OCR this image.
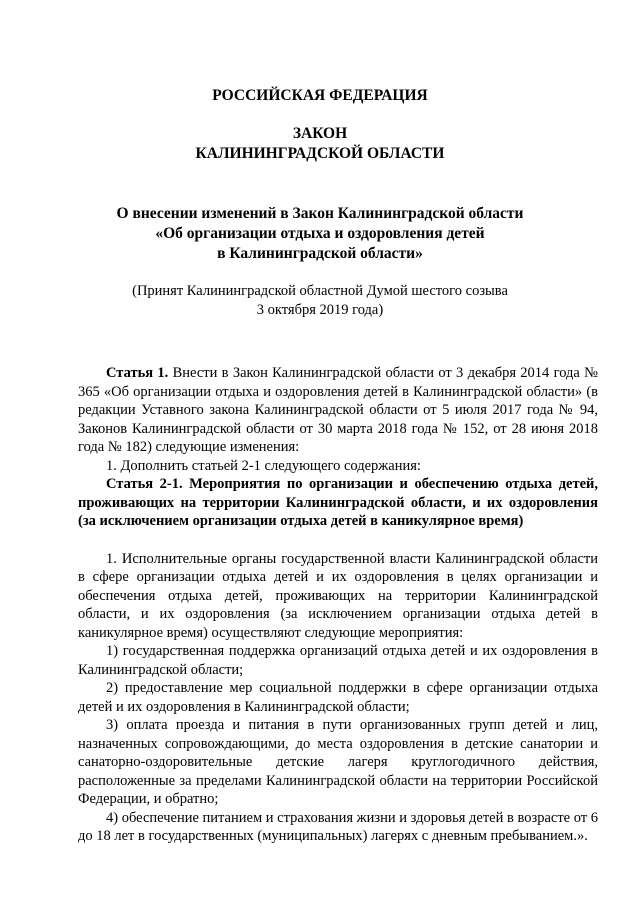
РОССИЙСКАЯ ФЕДЕРАЦИЯ
ЗАКОН
КАЛИНИНГРАДСКОЙ ОБЛАСТИ
О внесении изменений в Закон Калининградской области
«Об организации отдыха и оздоровления детей
в Калининградской области»
(Принят Калининградской областной Думой шестого созыва
3 октября 2019 года)

Статья 1. Внести в Закон Калининградской области от 3 декабря 2014 года № 365 «Об организации отдыха и оздоровления детей в Калининградской области» (в редакции Уставного закона Калининградской области от 5 июля 2017 года № 94, Законов Калининградской области от 30 марта 2018 года № 152, от 28 июня 2018 года № 182) следующие изменения:

1. Дополнить статьей 2-1 следующего содержания:

Статья 2-1. Мероприятия по организации и обеспечению отдыха детей, проживающих на территории Калининградской области, и их оздоровления (за исключением организации отдыха детей в каникулярное время)

1. Исполнительные органы государственной власти Калининградской области в сфере организации отдыха детей и их оздоровления в целях организации и обеспечения отдыха детей, проживающих на территории Калининградской области, и их оздоровления (за исключением организации отдыха детей в каникулярное время) осуществляют следующие мероприятия:

1) государственная поддержка организаций отдыха детей и их оздоровления в Калининградской области;

2) предоставление мер социальной поддержки в сфере организации отдыха детей и их оздоровления в Калининградской области;

3) оплата проезда и питания в пути организованных групп детей и лиц, назначенных сопровождающими, до места оздоровления в детские санатории и санаторно-оздоровительные детские лагеря круглогодичного действия, расположенные за пределами Калининградской области на территории Российской Федерации, и обратно;

4) обеспечение питанием и страхования жизни и здоровья детей в возрасте от 6 до 18 лет в государственных (муниципальных) лагерях с дневным пребыванием.».
